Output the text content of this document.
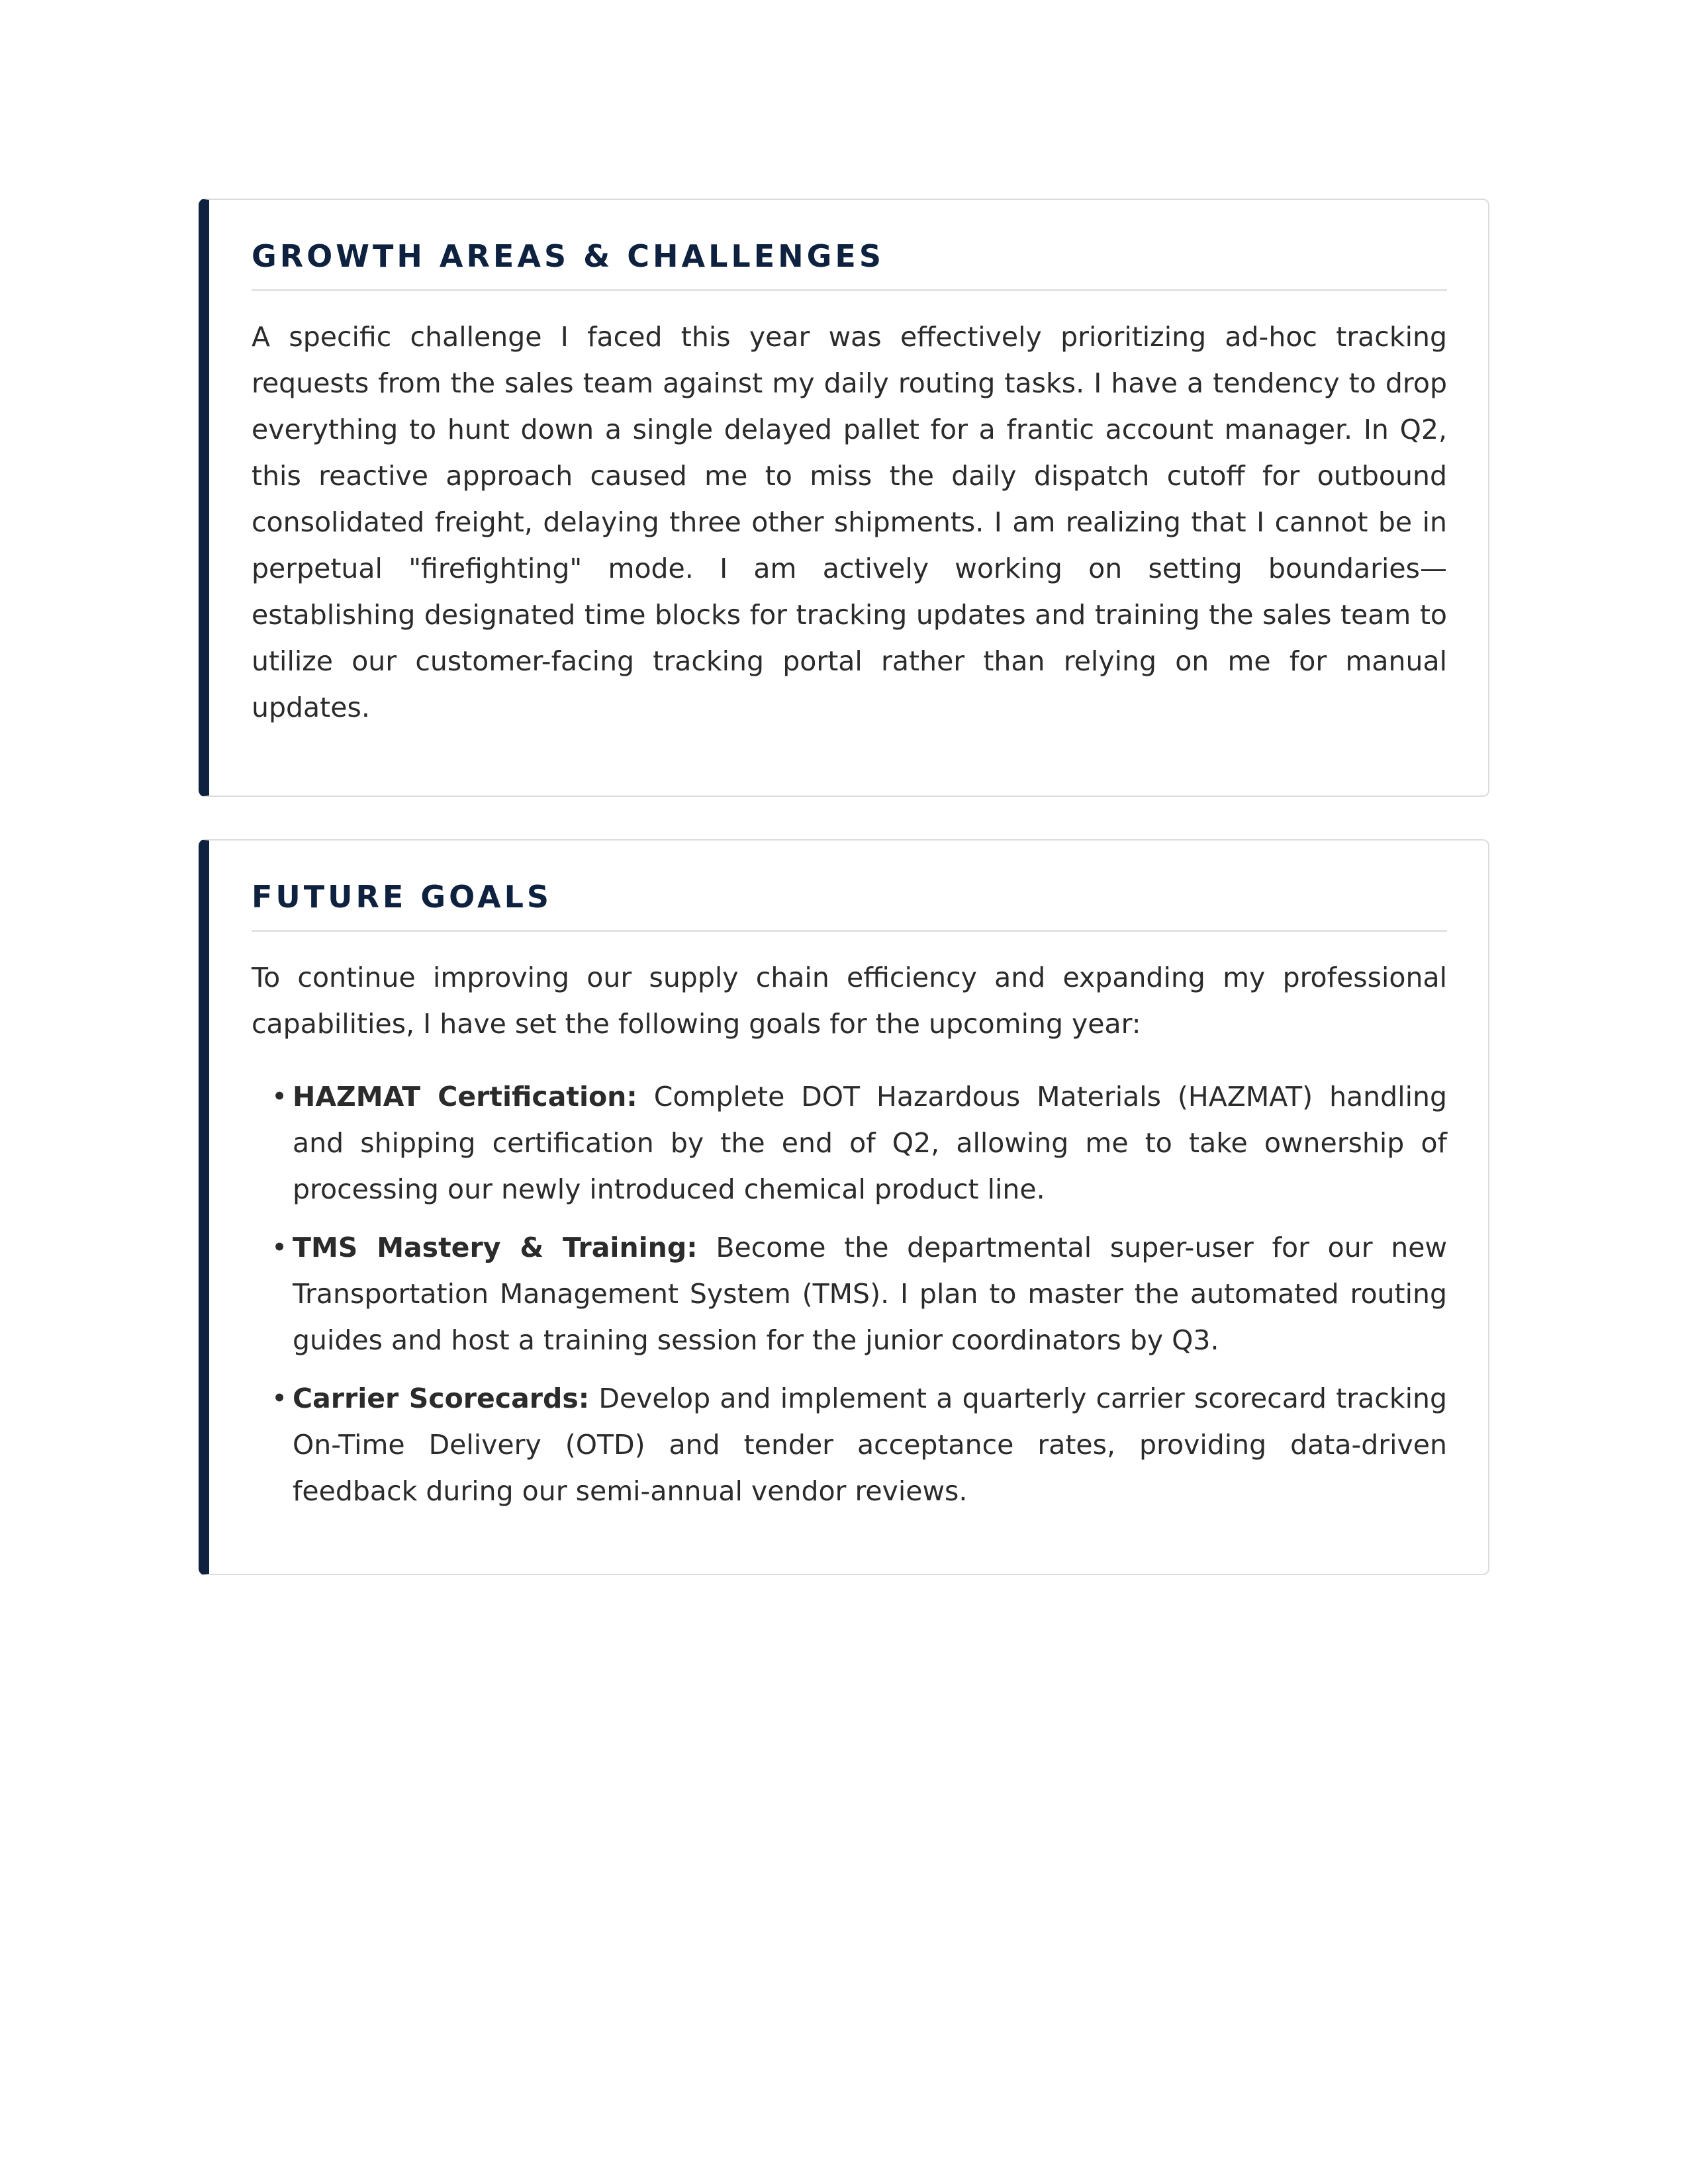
GROWTH AREAS & CHALLENGES

A specific challenge I faced this year was effectively prioritizing ad-hoc tracking requests from the sales team against my daily routing tasks. I have a tendency to drop everything to hunt down a single delayed pallet for a frantic account manager. In Q2, this reactive approach caused me to miss the daily dispatch cutoff for outbound consolidated freight, delaying three other shipments. I am realizing that I cannot be in perpetual "firefighting" mode. I am actively working on setting boundaries—establishing designated time blocks for tracking updates and training the sales team to utilize our customer-facing tracking portal rather than relying on me for manual updates.

FUTURE GOALS

To continue improving our supply chain efficiency and expanding my professional capabilities, I have set the following goals for the upcoming year:

• HAZMAT Certification: Complete DOT Hazardous Materials (HAZMAT) handling and shipping certification by the end of Q2, allowing me to take ownership of processing our newly introduced chemical product line.
• TMS Mastery & Training: Become the departmental super-user for our new Transportation Management System (TMS). I plan to master the automated routing guides and host a training session for the junior coordinators by Q3.
• Carrier Scorecards: Develop and implement a quarterly carrier scorecard tracking On-Time Delivery (OTD) and tender acceptance rates, providing data-driven feedback during our semi-annual vendor reviews.
